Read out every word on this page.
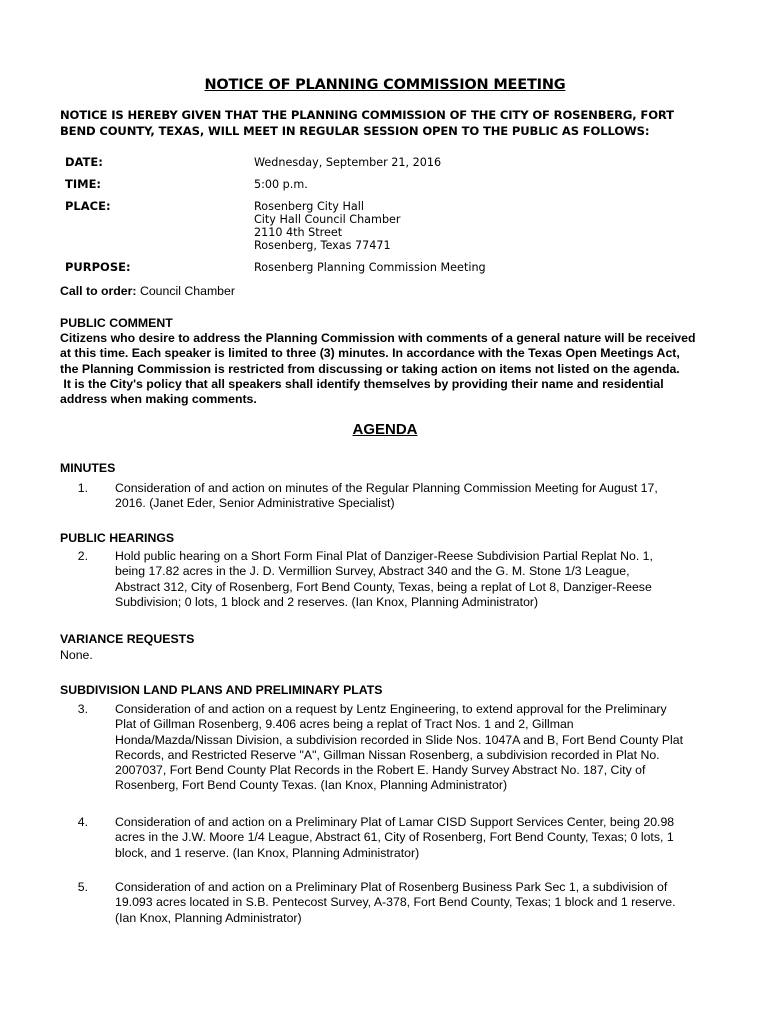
NOTICE OF PLANNING COMMISSION MEETING
NOTICE IS HEREBY GIVEN THAT THE PLANNING COMMISSION OF THE CITY OF ROSENBERG, FORT
BEND COUNTY, TEXAS, WILL MEET IN REGULAR SESSION OPEN TO THE PUBLIC AS FOLLOWS:
DATE:	Wednesday, September 21, 2016
TIME:	5:00 p.m.
PLACE:	Rosenberg City Hall
City Hall Council Chamber
2110 4th Street
Rosenberg, Texas 77471
PURPOSE:	Rosenberg Planning Commission Meeting
Call to order: Council Chamber
PUBLIC COMMENT
Citizens who desire to address the Planning Commission with comments of a general nature will be received
at this time. Each speaker is limited to three (3) minutes. In accordance with the Texas Open Meetings Act,
the Planning Commission is restricted from discussing or taking action on items not listed on the agenda.
It is the City's policy that all speakers shall identify themselves by providing their name and residential
address when making comments.
AGENDA
MINUTES
1. Consideration of and action on minutes of the Regular Planning Commission Meeting for August 17,
2016. (Janet Eder, Senior Administrative Specialist)
PUBLIC HEARINGS
2. Hold public hearing on a Short Form Final Plat of Danziger-Reese Subdivision Partial Replat No. 1,
being 17.82 acres in the J. D. Vermillion Survey, Abstract 340 and the G. M. Stone 1/3 League,
Abstract 312, City of Rosenberg, Fort Bend County, Texas, being a replat of Lot 8, Danziger-Reese
Subdivision; 0 lots, 1 block and 2 reserves. (Ian Knox, Planning Administrator)
VARIANCE REQUESTS
None.
SUBDIVISION LAND PLANS AND PRELIMINARY PLATS
3. Consideration of and action on a request by Lentz Engineering, to extend approval for the Preliminary
Plat of Gillman Rosenberg, 9.406 acres being a replat of Tract Nos. 1 and 2, Gillman
Honda/Mazda/Nissan Division, a subdivision recorded in Slide Nos. 1047A and B, Fort Bend County Plat
Records, and Restricted Reserve "A", Gillman Nissan Rosenberg, a subdivision recorded in Plat No.
2007037, Fort Bend County Plat Records in the Robert E. Handy Survey Abstract No. 187, City of
Rosenberg, Fort Bend County Texas. (Ian Knox, Planning Administrator)
4. Consideration of and action on a Preliminary Plat of Lamar CISD Support Services Center, being 20.98
acres in the J.W. Moore 1/4 League, Abstract 61, City of Rosenberg, Fort Bend County, Texas; 0 lots, 1
block, and 1 reserve. (Ian Knox, Planning Administrator)
5. Consideration of and action on a Preliminary Plat of Rosenberg Business Park Sec 1, a subdivision of
19.093 acres located in S.B. Pentecost Survey, A-378, Fort Bend County, Texas; 1 block and 1 reserve.
(Ian Knox, Planning Administrator)
